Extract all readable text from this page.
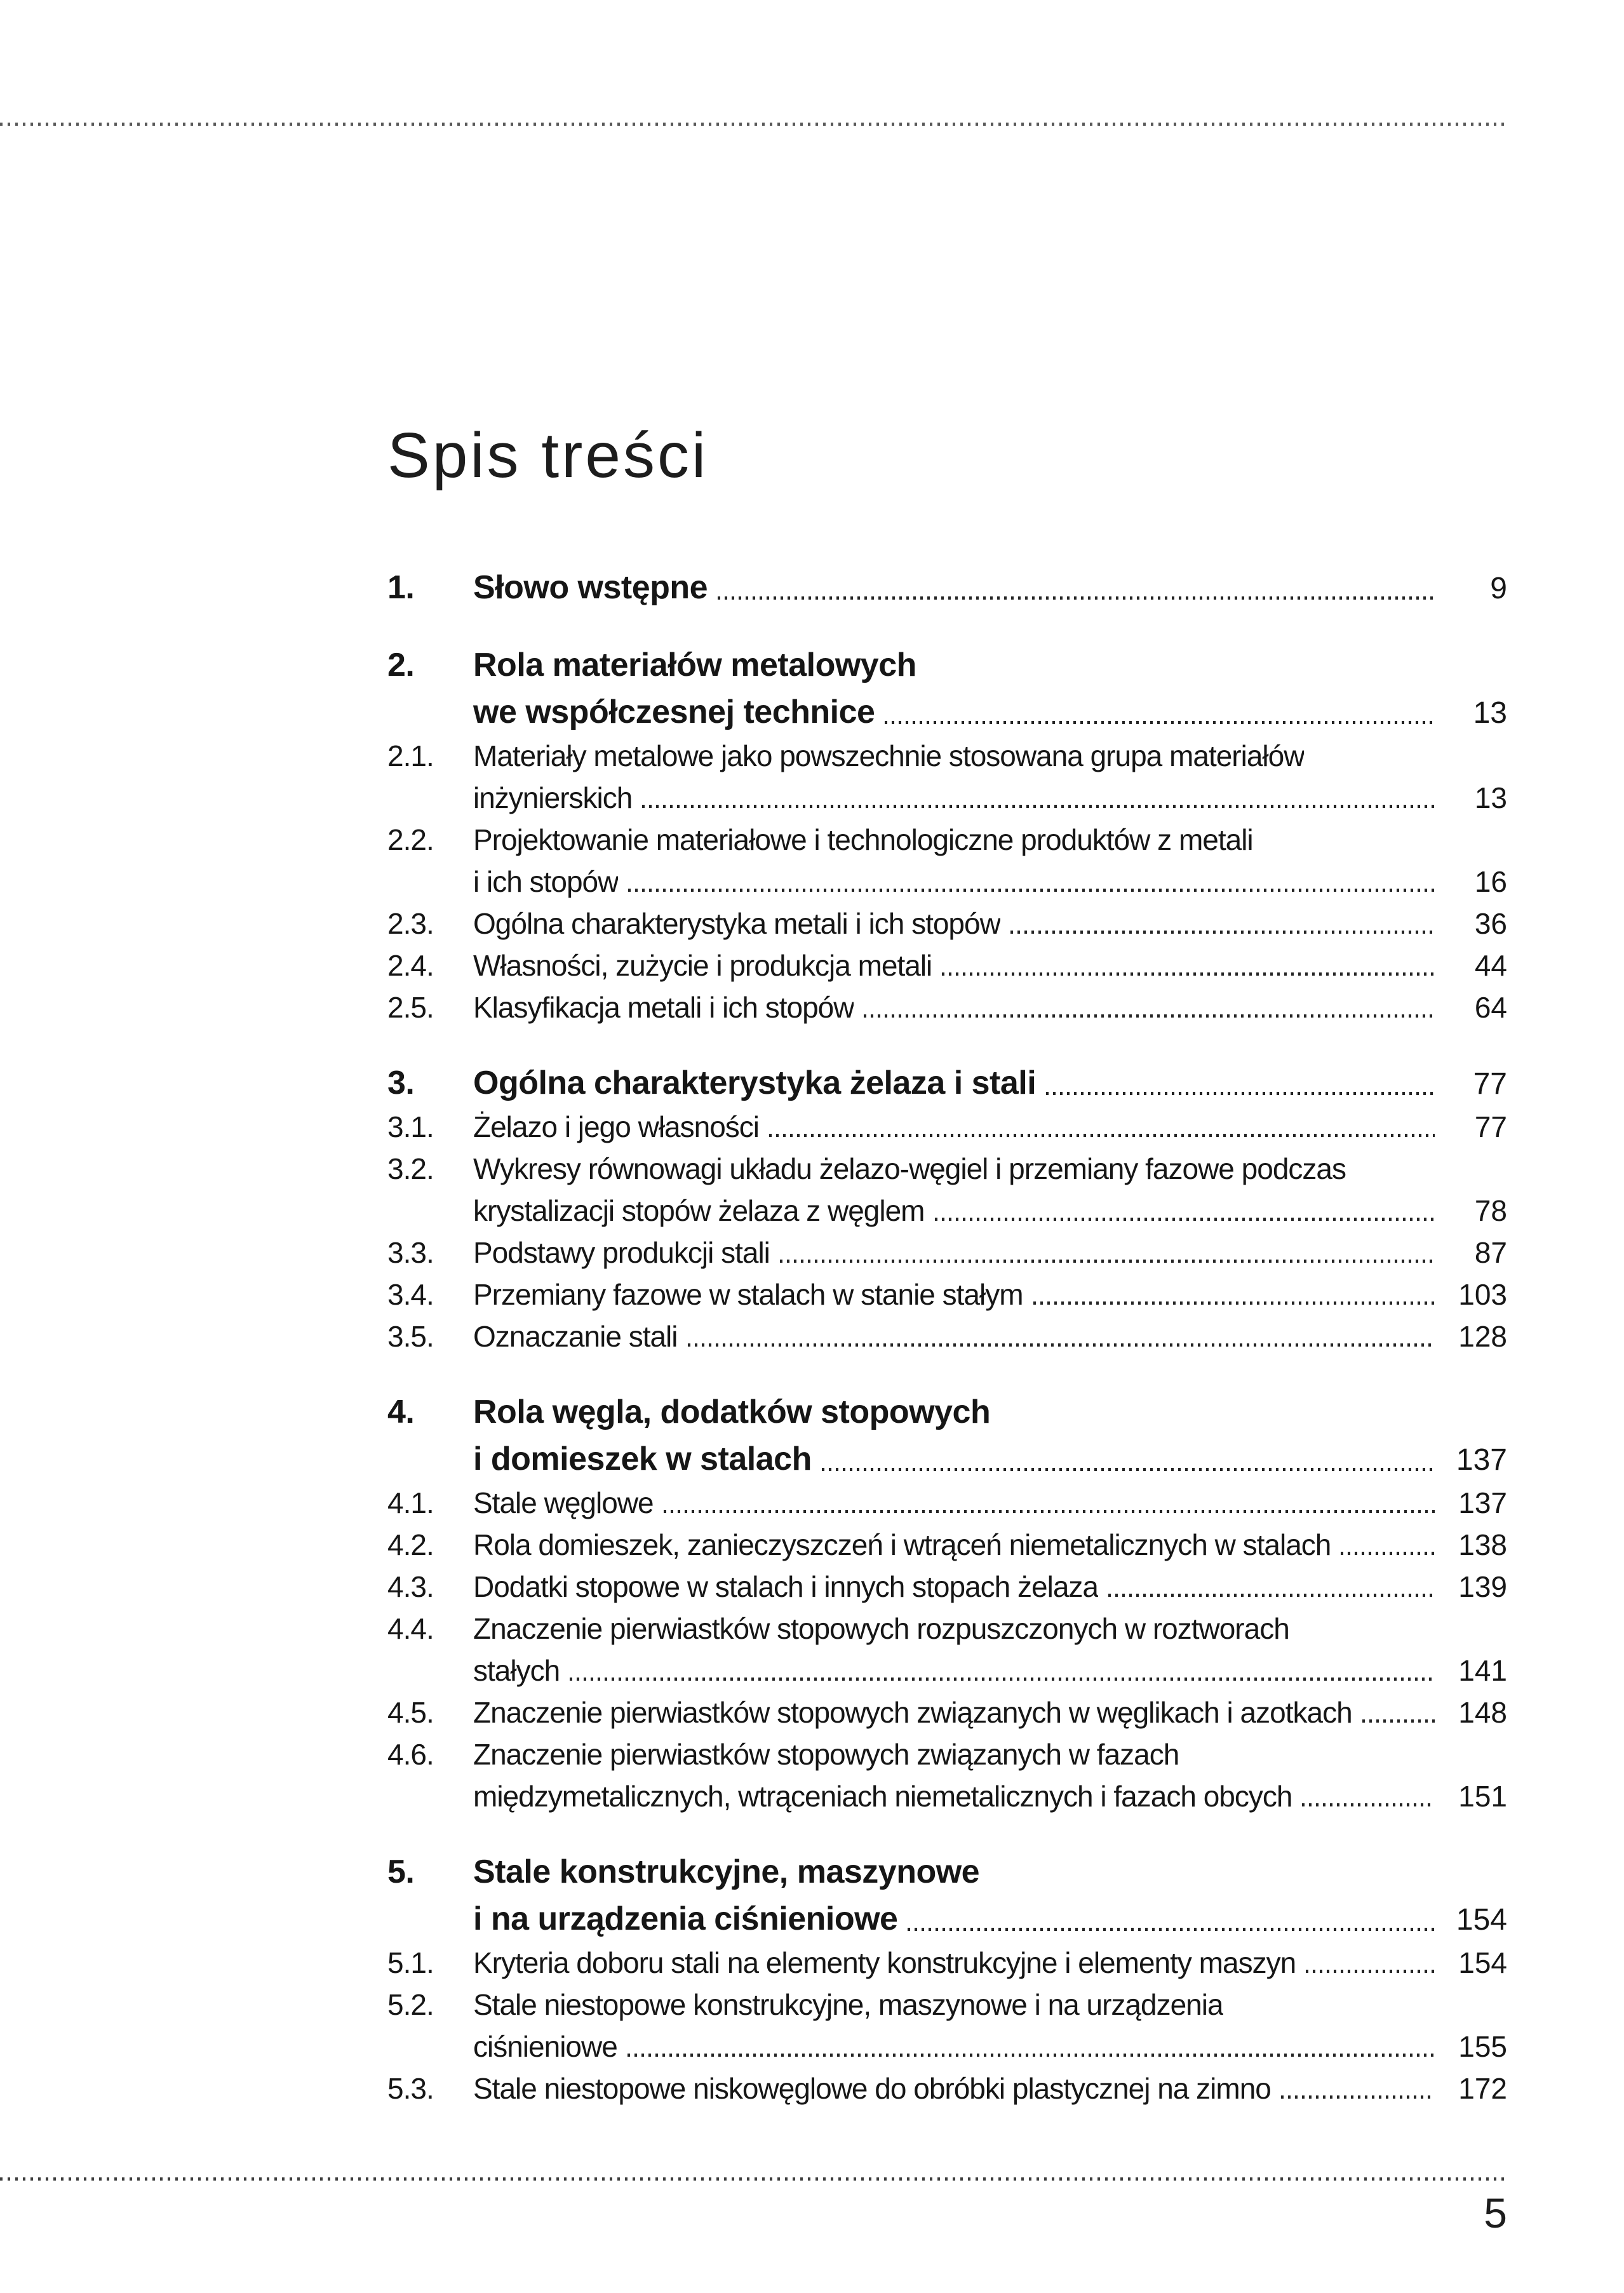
Spis treści
1.	Słowo wstępne	9
2.	Rola materiałów metalowych
we współczesnej technice	13
2.1.	Materiały metalowe jako powszechnie stosowana grupa materiałów
inżynierskich	13
2.2.	Projektowanie materiałowe i technologiczne produktów z metali
i ich stopów	16
2.3.	Ogólna charakterystyka metali i ich stopów	36
2.4.	Własności, zużycie i produkcja metali	44
2.5.	Klasyfikacja metali i ich stopów	64
3.	Ogólna charakterystyka żelaza i stali	77
3.1.	Żelazo i jego własności	77
3.2.	Wykresy równowagi układu żelazo-węgiel i przemiany fazowe podczas
krystalizacji stopów żelaza z węglem	78
3.3.	Podstawy produkcji stali	87
3.4.	Przemiany fazowe w stalach w stanie stałym	103
3.5.	Oznaczanie stali	128
4.	Rola węgla, dodatków stopowych
i domieszek w stalach	137
4.1.	Stale węglowe	137
4.2.	Rola domieszek, zanieczyszczeń i wtrąceń niemetalicznych w stalach	138
4.3.	Dodatki stopowe w stalach i innych stopach żelaza	139
4.4.	Znaczenie pierwiastków stopowych rozpuszczonych w roztworach
stałych	141
4.5.	Znaczenie pierwiastków stopowych związanych w węglikach i azotkach	148
4.6.	Znaczenie pierwiastków stopowych związanych w fazach
międzymetalicznych, wtrąceniach niemetalicznych i fazach obcych	151
5.	Stale konstrukcyjne, maszynowe
i na urządzenia ciśnieniowe	154
5.1.	Kryteria doboru stali na elementy konstrukcyjne i elementy maszyn	154
5.2.	Stale niestopowe konstrukcyjne, maszynowe i na urządzenia
ciśnieniowe	155
5.3.	Stale niestopowe niskowęglowe do obróbki plastycznej na zimno	172
5
